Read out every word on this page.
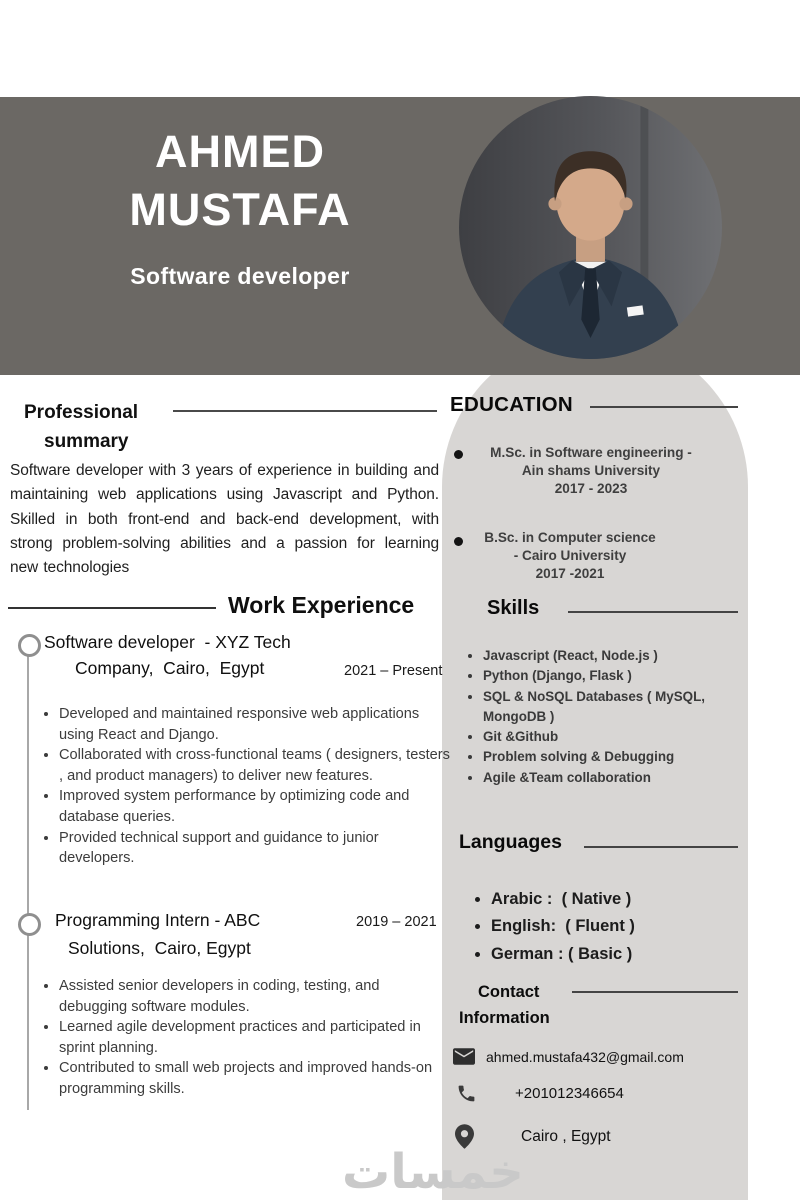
AHMED
MUSTAFA
Software developer
Professional
summary

Software developer with 3 years of experience in building and maintaining web applications using Javascript and Python. Skilled in both front-end and back-end development, with strong problem-solving abilities and a passion for learning new technologies

Work Experience
Software developer  - XYZ Tech
Company,  Cairo,  Egypt	2021 – Present
• Developed and maintained responsive web applications using React and Django.
• Collaborated with cross-functional teams ( designers, testers , and product managers) to deliver new features.
• Improved system performance by optimizing code and database queries.
• Provided technical support and guidance to junior developers.
Programming Intern - ABC
Solutions,  Cairo, Egypt
2019 – 2021
• Assisted senior developers in coding, testing, and debugging software modules.
• Learned agile development practices and participated in sprint planning.
• Contributed to small web projects and improved hands-on programming skills.
EDUCATION
M.Sc. in Software engineering -
Ain shams University
2017 - 2023
B.Sc. in Computer science
- Cairo University
2017 -2021
Skills
• Javascript (React, Node.js )
• Python (Django, Flask )
• SQL & NoSQL Databases ( MySQL, MongoDB )
• Git &Github
• Problem solving & Debugging
• Agile &Team collaboration
Languages
• Arabic :  ( Native )
• English:  ( Fluent )
• German : ( Basic )
Contact
Information
ahmed.mustafa432@gmail.com
+201012346654
Cairo , Egypt
خمسات
